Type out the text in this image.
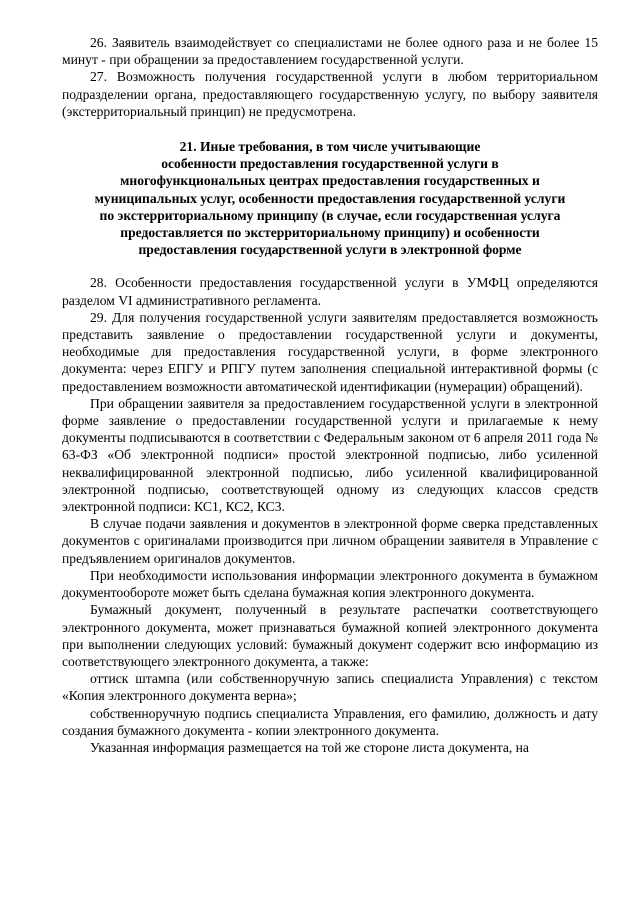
26. Заявитель взаимодействует со специалистами не более одного раза и не более 15 минут - при обращении за предоставлением государственной услуги.

27. Возможность получения государственной услуги в любом территориальном подразделении органа, предоставляющего государственную услугу, по выбору заявителя (экстерриториальный принцип) не предусмотрена.

21. Иные требования, в том числе учитывающие
особенности предоставления государственной услуги в
многофункциональных центрах предоставления государственных и
муниципальных услуг, особенности предоставления государственной услуги
по экстерриториальному принципу (в случае, если государственная услуга
предоставляется по экстерриториальному принципу) и особенности
предоставления государственной услуги в электронной форме

28. Особенности предоставления государственной услуги в УМФЦ определяются разделом VI административного регламента.

29. Для получения государственной услуги заявителям предоставляется возможность представить заявление о предоставлении государственной услуги и документы, необходимые для предоставления государственной услуги, в форме электронного документа: через ЕПГУ и РПГУ путем заполнения специальной интерактивной формы (с предоставлением возможности автоматической идентификации (нумерации) обращений).

При обращении заявителя за предоставлением государственной услуги в электронной форме заявление о предоставлении государственной услуги и прилагаемые к нему документы подписываются в соответствии с Федеральным законом от 6 апреля 2011 года № 63-ФЗ «Об электронной подписи» простой электронной подписью, либо усиленной неквалифицированной электронной подписью, либо усиленной квалифицированной электронной подписью, соответствующей одному из следующих классов средств электронной подписи: КС1, КС2, КС3.

В случае подачи заявления и документов в электронной форме сверка представленных документов с оригиналами производится при личном обращении заявителя в Управление с предъявлением оригиналов документов.

При необходимости использования информации электронного документа в бумажном документообороте может быть сделана бумажная копия электронного документа.

Бумажный документ, полученный в результате распечатки соответствующего электронного документа, может признаваться бумажной копией электронного документа при выполнении следующих условий: бумажный документ содержит всю информацию из соответствующего электронного документа, а также:

оттиск штампа (или собственноручную запись специалиста Управления) с текстом «Копия электронного документа верна»;

собственноручную подпись специалиста Управления, его фамилию, должность и дату создания бумажного документа - копии электронного документа.

Указанная информация размещается на той же стороне листа документа, на
